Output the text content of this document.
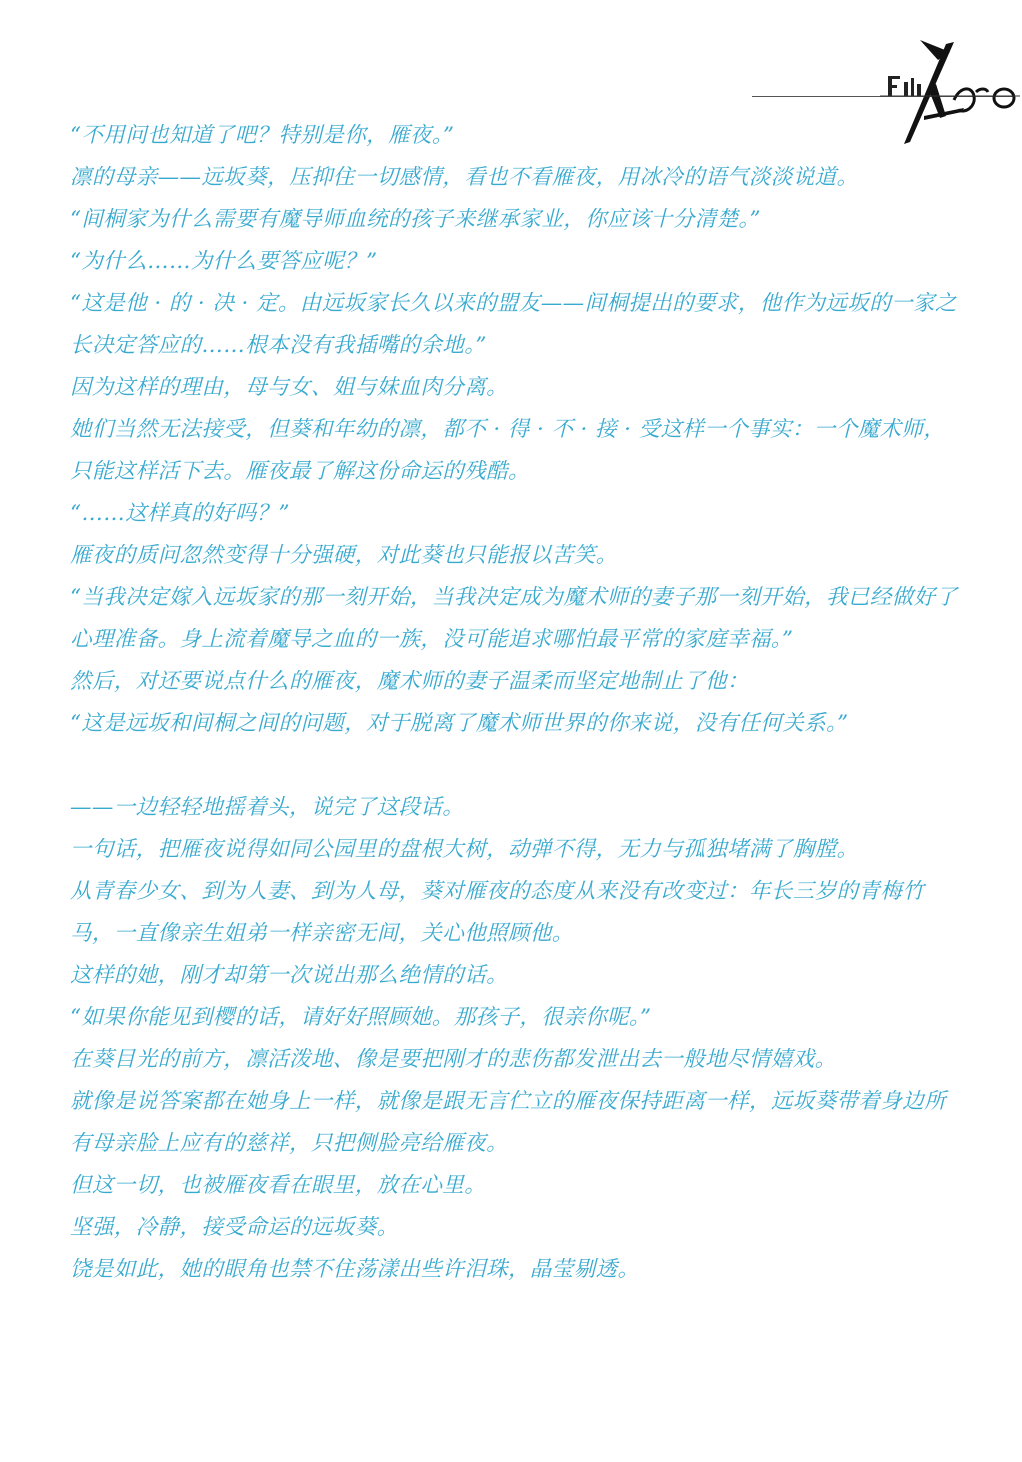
“不用问也知道了吧？特别是你，雁夜。”

凛的母亲——远坂葵，压抑住一切感情，看也不看雁夜，用冰冷的语气淡淡说道。

“间桐家为什么需要有魔导师血统的孩子来继承家业，你应该十分清楚。”

“为什么……为什么要答应呢？”

“这是他 · 的 · 决 · 定。由远坂家长久以来的盟友——间桐提出的要求，他作为远坂的一家之长决定答应的……根本没有我插嘴的余地。”

因为这样的理由，母与女、姐与妹血肉分离。

她们当然无法接受，但葵和年幼的凛，都不 · 得 · 不 · 接 · 受这样一个事实：一个魔术师，只能这样活下去。雁夜最了解这份命运的残酷。

“……这样真的好吗？”

雁夜的质问忽然变得十分强硬，对此葵也只能报以苦笑。

“当我决定嫁入远坂家的那一刻开始，当我决定成为魔术师的妻子那一刻开始，我已经做好了心理准备。身上流着魔导之血的一族，没可能追求哪怕最平常的家庭幸福。”

然后，对还要说点什么的雁夜，魔术师的妻子温柔而坚定地制止了他：

“这是远坂和间桐之间的问题，对于脱离了魔术师世界的你来说，没有任何关系。”

——一边轻轻地摇着头，说完了这段话。

一句话，把雁夜说得如同公园里的盘根大树，动弹不得，无力与孤独堵满了胸膛。

从青春少女、到为人妻、到为人母，葵对雁夜的态度从来没有改变过：年长三岁的青梅竹马，一直像亲生姐弟一样亲密无间，关心他照顾他。

这样的她，刚才却第一次说出那么绝情的话。

“如果你能见到樱的话，请好好照顾她。那孩子，很亲你呢。”

在葵目光的前方，凛活泼地、像是要把刚才的悲伤都发泄出去一般地尽情嬉戏。

就像是说答案都在她身上一样，就像是跟无言伫立的雁夜保持距离一样，远坂葵带着身边所有母亲脸上应有的慈祥，只把侧脸亮给雁夜。

但这一切，也被雁夜看在眼里，放在心里。

坚强，冷静，接受命运的远坂葵。

饶是如此，她的眼角也禁不住荡漾出些许泪珠，晶莹剔透。
